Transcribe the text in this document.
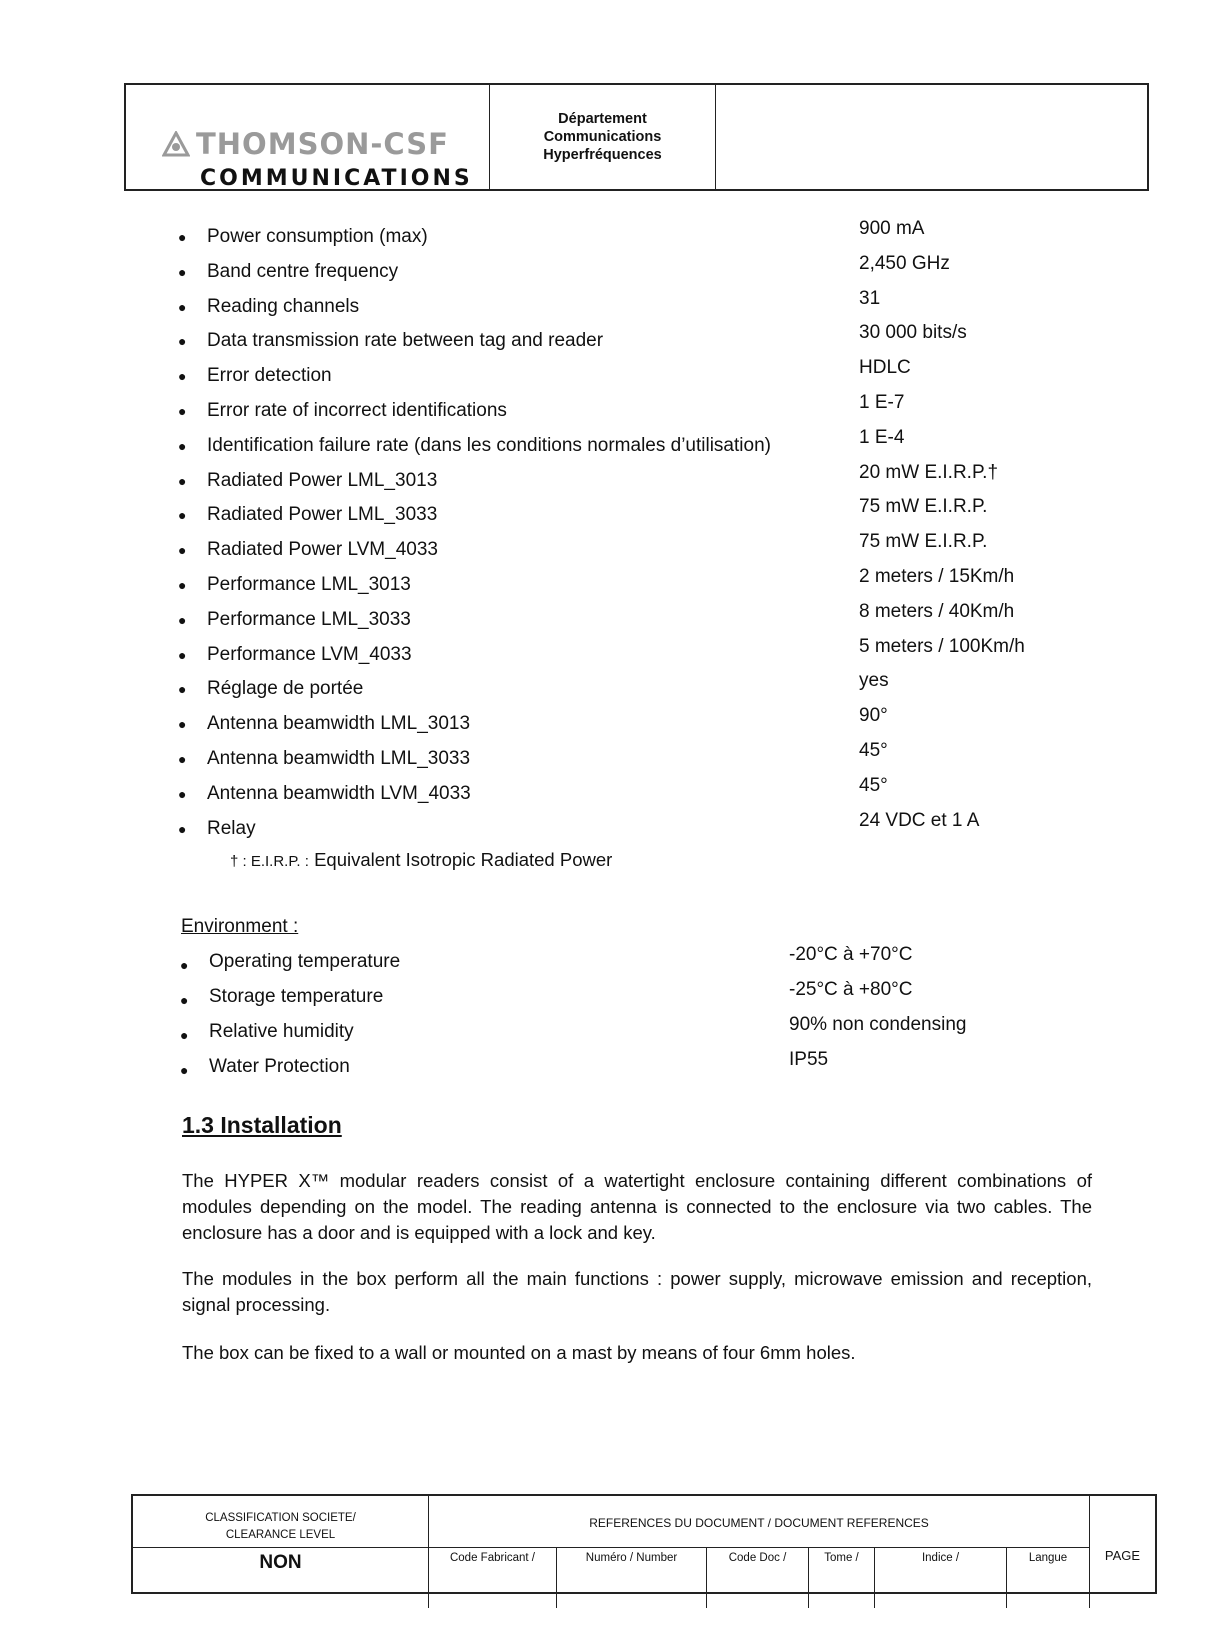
THOMSON-CSF
COMMUNICATIONS
Département
Communications
Hyperfréquences
● Power consumption (max)	900 mA
● Band centre frequency	2,450 GHz
● Reading channels	31
● Data transmission rate between tag and reader	30 000 bits/s
● Error detection	HDLC
● Error rate of incorrect identifications	1 E-7
● Identification failure rate (dans les conditions normales d’utilisation)	1 E-4
● Radiated Power LML_3013	20 mW E.I.R.P.†
● Radiated Power LML_3033	75 mW E.I.R.P.
● Radiated Power LVM_4033	75 mW E.I.R.P.
● Performance LML_3013	2 meters / 15Km/h
● Performance LML_3033	8 meters / 40Km/h
● Performance LVM_4033	5 meters / 100Km/h
● Réglage de portée	yes
● Antenna beamwidth LML_3013	90°
● Antenna beamwidth LML_3033	45°
● Antenna beamwidth LVM_4033	45°
● Relay	24 VDC et 1 A
† : E.I.R.P. : Equivalent Isotropic Radiated Power
Environment :
● Operating temperature	-20°C à +70°C
● Storage temperature	-25°C à +80°C
● Relative humidity	90% non condensing
● Water Protection	IP55
1.3 Installation
The HYPER X™ modular readers consist of a watertight enclosure containing different combinations of modules depending on the model. The reading antenna is connected to the enclosure via two cables. The enclosure has a door and is equipped with a lock and key.
The modules in the box perform all the main functions : power supply, microwave emission and reception, signal processing.
The box can be fixed to a wall or mounted on a mast by means of four 6mm holes.
CLASSIFICATION SOCIETE/
CLEARANCE LEVEL
NON
REFERENCES DU DOCUMENT / DOCUMENT REFERENCES
Code Fabricant /	Numéro / Number	Code Doc /	Tome /	Indice /	Langue	PAGE
